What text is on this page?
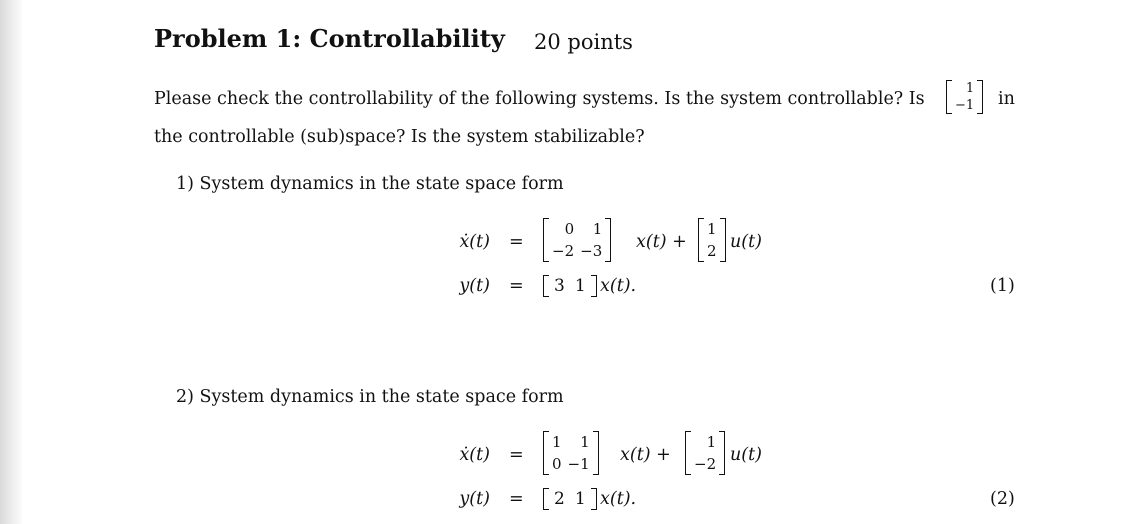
Problem 1: Controllability 20 points
Please check the controllability of the following systems. Is the system controllable? Is
1
−1 in
the controllable (sub)space? Is the system stabilizable?
1) System dynamics in the state space form
ẋ(t) =
0	1
−2	−3 x(t) +
1
2 u(t)
y(t) = 3	1 x(t).	(1)
2) System dynamics in the state space form
ẋ(t) =
1	1
0	−1 x(t) +
1
−2 u(t)
y(t) = 2	1 x(t).	(2)
